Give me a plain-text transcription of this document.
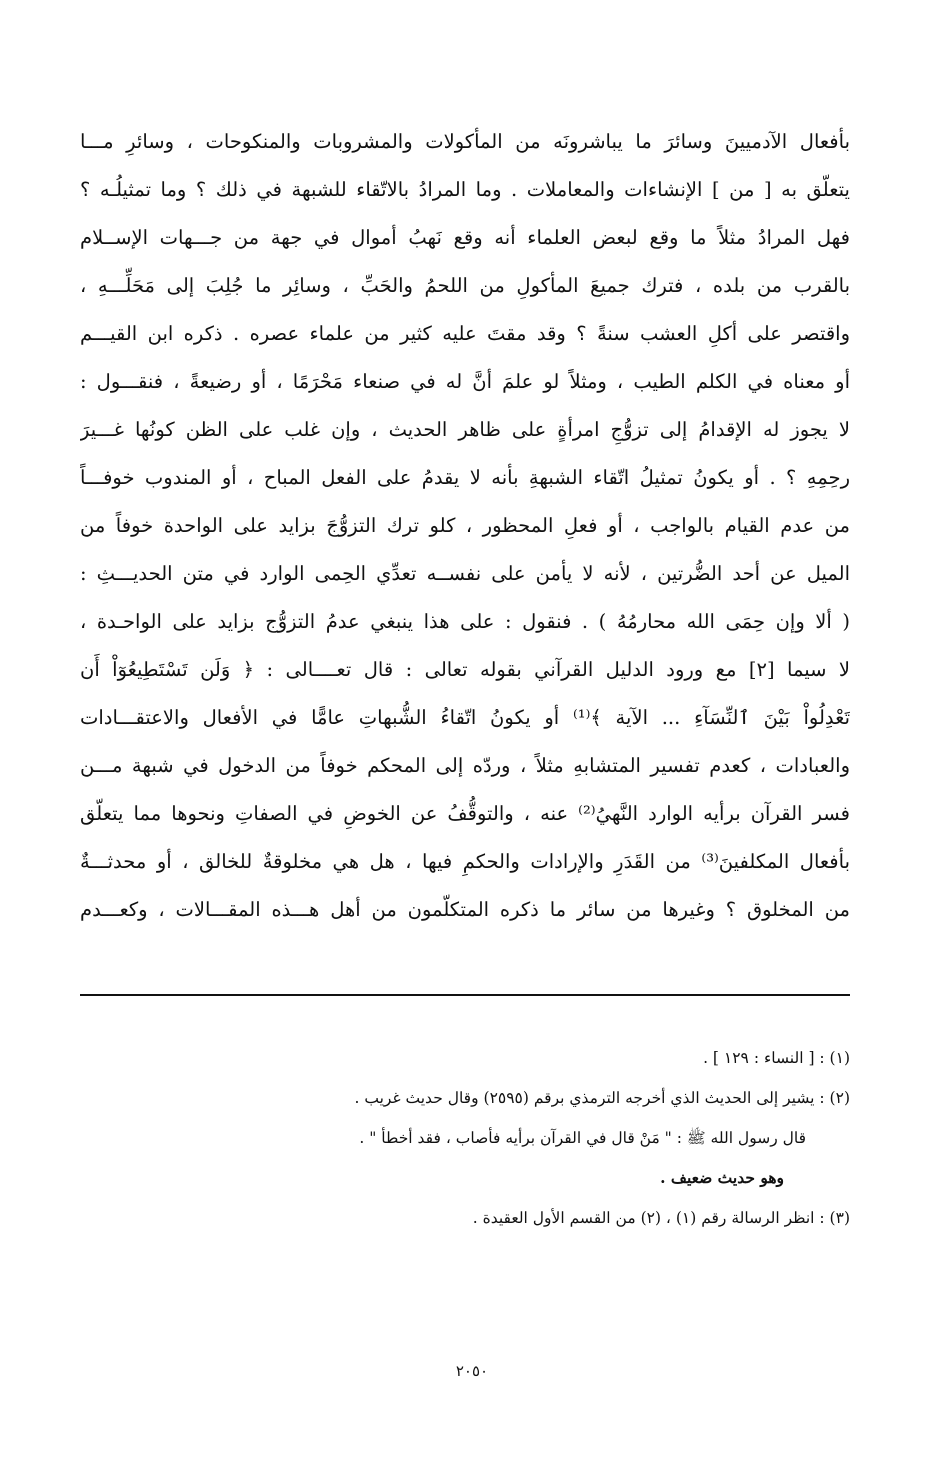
بأفعال الآدميينَ وسائرَ ما يباشرونَه من المأكولات والمشروبات والمنكوحات ، وسائرِ مـــا
يتعلّق به [ من ] الإنشاءات والمعاملات . وما المرادُ بالاتّقاء للشبهة في ذلك ؟ وما تمثيلُـه ؟
فهل المرادُ مثلاً ما وقع لبعض العلماء أنه وقع نَهبُ أموال في جهة من جـــهات الإســلام
بالقرب من بلده ، فترك جميعَ المأكولِ من اللحمُ والحَبِّ ، وسائِر ما جُلِبَ إلى مَحَلِّـــهِ ،
واقتصر على أكلِ العشب سنةً ؟ وقد مقتَ عليه كثير من علماء عصره . ذكره ابن القيـــم
أو معناه في الكلم الطيب ، ومثلاً لو علمَ أنَّ له في صنعاء مَحْرَمًا ، أو رضيعةً ، فنقـــول :
لا يجوز له الإقدامُ إلى تزوُّجِ امرأةٍ على ظاهر الحديث ، وإن غلب على الظن كونُها غـــيرَ
رحِمِهِ ؟ . أو يكونُ تمثيلُ اتّقاء الشبهةِ بأنه لا يقدمُ على الفعل المباح ، أو المندوب خوفـــاً
من عدم القيام بالواجب ، أو فعلِ المحظور ، كلو ترك التزوُّجَ بزايد على الواحدة خوفاً من
الميل عن أحد الضُّرتين ، لأنه لا يأمن على نفســه تعدِّي الحِمى الوارد في متن الحديـــثِ :
( ألا وإن حِمَى الله محارمُهُ ) . فنقول : على هذا ينبغي عدمُ التزوُّج بزايد على الواحـدة ،
لا سيما [٢] مع ورود الدليل القرآني بقوله تعالى : قال تعــــالى : ﴿ وَلَن تَسْتَطِيعُوٓاْ أَن
تَعْدِلُواْ بَيْنَ ٱلنِّسَآءِ ... الآية ﴾⁽¹⁾ أو يكونُ اتّقاءُ الشُّبهاتِ عامًّا في الأفعال والاعتقـــادات
والعبادات ، كعدم تفسير المتشابهِ مثلاً ، وردّه إلى المحكم خوفاً من الدخول في شبهة مـــن
فسر القرآن برأيه الوارد النَّهيُ⁽²⁾ عنه ، والتوقُّفُ عن الخوضِ في الصفاتِ ونحوها مما يتعلّق
بأفعال المكلفينَ⁽³⁾ من القَدَرِ والإرادات والحكمِ فيها ، هل هي مخلوقةٌ للخالق ، أو محدثـــةٌ
من المخلوق ؟ وغيرها من سائر ما ذكره المتكلّمون من أهل هـــذه المقـــالات ، وكعـــدم
(١) : [ النساء : ١٢٩ ] .
(٢) : يشير إلى الحديث الذي أخرجه الترمذي برقم (٢٥٩٥) وقال حديث غريب .
قال رسول الله ﷺ : " مَنْ قال في القرآن برأيه فأصاب ، فقد أخطأ " .
وهو حديث ضعيف .
(٣) : انظر الرسالة رقم (١) ، (٢) من القسم الأول العقيدة .
٢٠٥٠
